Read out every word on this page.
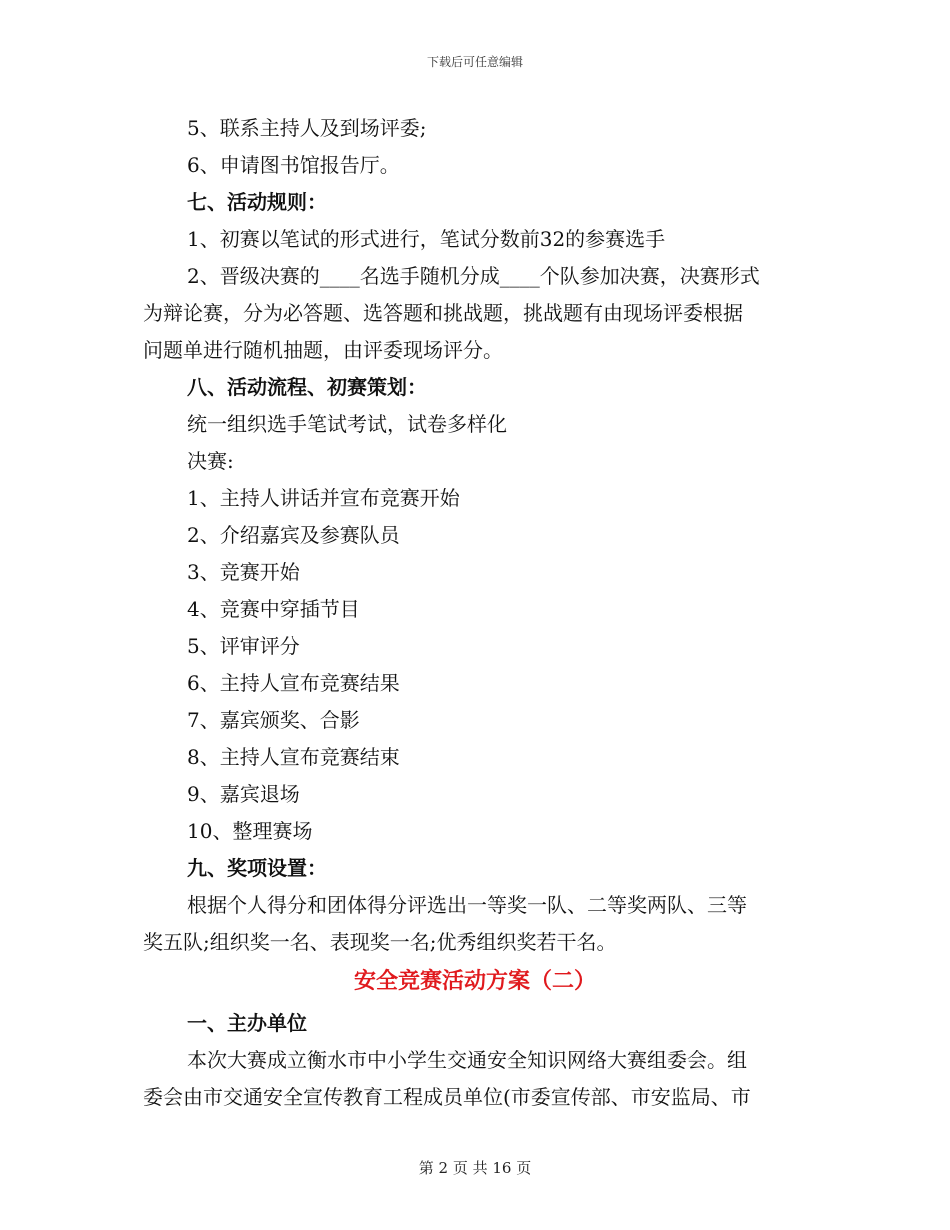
下载后可任意编辑
5、联系主持人及到场评委;
6、申请图书馆报告厅。
七、活动规则：
1、初赛以笔试的形式进行，笔试分数前32的参赛选手
2、晋级决赛的____名选手随机分成____个队参加决赛，决赛形式
为辩论赛，分为必答题、选答题和挑战题，挑战题有由现场评委根据
问题单进行随机抽题，由评委现场评分。
八、活动流程、初赛策划：
统一组织选手笔试考试，试卷多样化
决赛:
1、主持人讲话并宣布竞赛开始
2、介绍嘉宾及参赛队员
3、竞赛开始
4、竞赛中穿插节目
5、评审评分
6、主持人宣布竞赛结果
7、嘉宾颁奖、合影
8、主持人宣布竞赛结束
9、嘉宾退场
10、整理赛场
九、奖项设置：
根据个人得分和团体得分评选出一等奖一队、二等奖两队、三等
奖五队;组织奖一名、表现奖一名;优秀组织奖若干名。
安全竞赛活动方案（二）
一、主办单位
本次大赛成立衡水市中小学生交通安全知识网络大赛组委会。组
委会由市交通安全宣传教育工程成员单位(市委宣传部、市安监局、市
第 2 页 共 16 页
